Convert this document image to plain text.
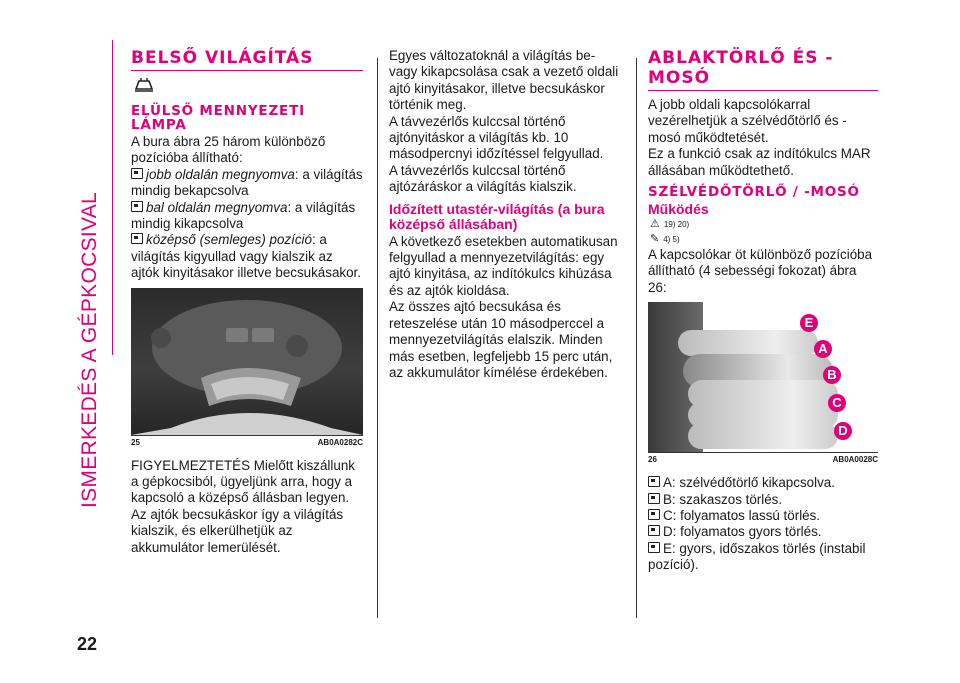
ISMERKEDÉS A GÉPKOCSIVAL
22
BELSŐ VILÁGÍTÁS
ELÜLSŐ MENNYEZETI LÁMPA

A bura ábra 25 három különböző pozícióba állítható:

jobb oldalán megnyomva: a világítás mindig bekapcsolva

bal oldalán megnyomva: a világítás mindig kikapcsolva

középső (semleges) pozíció: a világítás kigyullad vagy kialszik az ajtók kinyitásakor illetve becsukásakor.

25	AB0A0282C

FIGYELMEZTETÉS Mielőtt kiszállunk a gépkocsiból, ügyeljünk arra, hogy a kapcsoló a középső állásban legyen.

Az ajtók becsukáskor így a világítás kialszik, és elkerülhetjük az akkumulátor lemerülését.

Egyes változatoknál a világítás be-vagy kikapcsolása csak a vezető oldali ajtó kinyitásakor, illetve becsukáskor történik meg.

A távvezérlős kulccsal történő ajtónyitáskor a világítás kb. 10 másodpercnyi időzítéssel felgyullad.

A távvezérlős kulccsal történő ajtózáráskor a világítás kialszik.

Időzített utastér-világítás (a bura középső állásában)

A következő esetekben automatikusan felgyullad a mennyezetvilágítás: egy ajtó kinyitása, az indítókulcs kihúzása és az ajtók kioldása.

Az összes ajtó becsukása és reteszelése után 10 másodperccel a mennyezetvilágítás elalszik. Minden más esetben, legfeljebb 15 perc után, az akkumulátor kímélése érdekében.

ABLAKTÖRLŐ ÉS -MOSÓ

A jobb oldali kapcsolókarral vezérelhetjük a szélvédőtörlő és -mosó működtetését.

Ez a funkció csak az indítókulcs MAR állásában működtethető.

SZÉLVÉDŐTÖRLŐ / -MOSÓ
Működés
⚠ 19) 20)
✎ 4) 5)

A kapcsolókar öt különböző pozícióba állítható (4 sebességi fokozat) ábra 26:

E
A
B
C
D
26	AB0A0028C

A: szélvédőtörlő kikapcsolva.

B: szakaszos törlés.

C: folyamatos lassú törlés.

D: folyamatos gyors törlés.

E: gyors, időszakos törlés (instabil pozíció).
